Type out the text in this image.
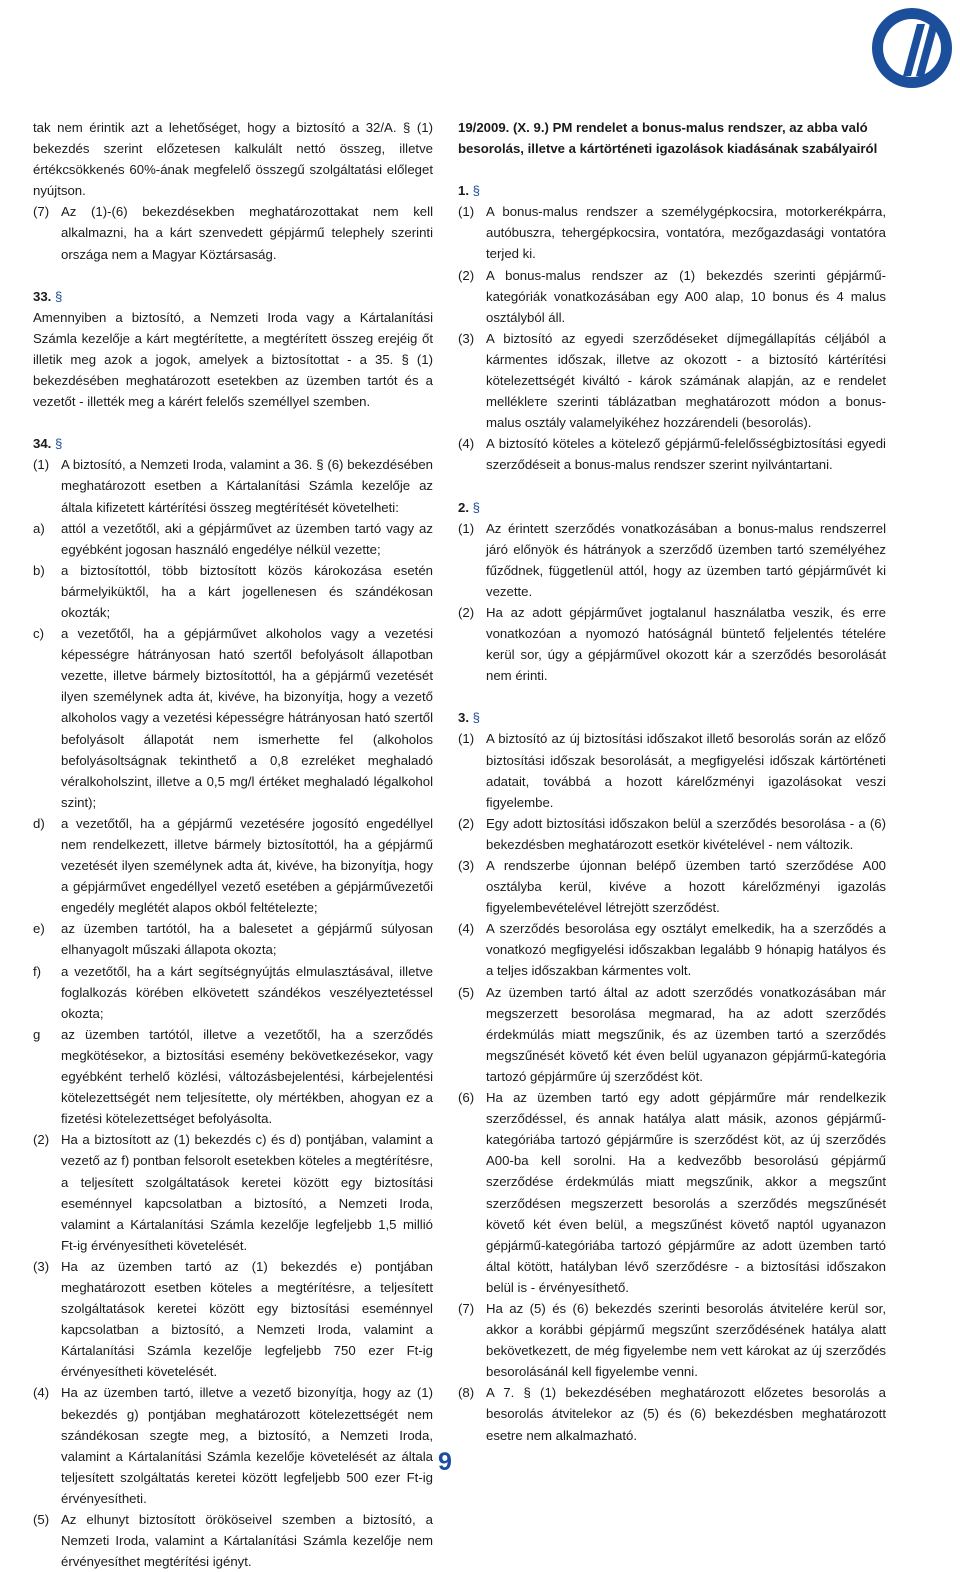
tak nem érintik azt a lehetőséget, hogy a biztosító a 32/A. § (1) bekezdés szerint előzetesen kalkulált nettó összeg, illetve értékcsökkenés 60%-ának megfelelő összegű szolgáltatási előleget nyújtson.

(7) Az (1)-(6) bekezdésekben meghatározottakat nem kell alkalmazni, ha a kárt szenvedett gépjármű telephely szerinti országa nem a Magyar Köztársaság.
33. §

Amennyiben a biztosító, a Nemzeti Iroda vagy a Kártalanítási Számla kezelője a kárt megtérítette, a megtérített összeg erejéig őt illetik meg azok a jogok, amelyek a biztosítottat - a 35. § (1) bekezdésében meghatározott esetekben az üzemben tartót és a vezetőt - illették meg a kárért felelős személlyel szemben.

34. §
(1) A biztosító, a Nemzeti Iroda, valamint a 36. § (6) bekezdésében meghatározott esetben a Kártalanítási Számla kezelője az általa kifizetett kártérítési összeg megtérítését követelheti:
a)	attól a vezetőtől, aki a gépjárművet az üzemben tartó vagy az egyébként jogosan használó engedélye nélkül vezette;
b)	a biztosítottól, több biztosított közös károkozása esetén bármelyiküktől, ha a kárt jogellenesen és szándékosan okozták;
c)	a vezetőtől, ha a gépjárművet alkoholos vagy a vezetési képességre hátrányosan ható szertől befolyásolt állapotban vezette, illetve bármely biztosítottól, ha a gépjármű vezetését ilyen személynek adta át, kivéve, ha bizonyítja, hogy a vezető alkoholos vagy a vezetési képességre hátrányosan ható szertől befolyásolt állapotát nem ismerhette fel (alkoholos befolyásoltságnak tekinthető a 0,8 ezreléket meghaladó véralkoholszint, illetve a 0,5 mg/l értéket meghaladó légalkohol szint);
d)	a vezetőtől, ha a gépjármű vezetésére jogosító engedéllyel nem rendelkezett, illetve bármely biztosítottól, ha a gépjármű vezetését ilyen személynek adta át, kivéve, ha bizonyítja, hogy a gépjárművet engedéllyel vezető esetében a gépjárművezetői engedély meglétét alapos okból feltételezte;
e)	az üzemben tartótól, ha a balesetet a gépjármű súlyosan elhanyagolt műszaki állapota okozta;
f)	a vezetőtől, ha a kárt segítségnyújtás elmulasztásával, illetve foglalkozás körében elkövetett szándékos veszélyeztetéssel okozta;
g	az üzemben tartótól, illetve a vezetőtől, ha a szerződés megkötésekor, a biztosítási esemény bekövetkezésekor, vagy egyébként terhelő közlési, változásbejelentési, kárbejelentési kötelezettségét nem teljesítette, oly mértékben, ahogyan ez a fizetési kötelezettséget befolyásolta.
(2) Ha a biztosított az (1) bekezdés c) és d) pontjában, valamint a vezető az f) pontban felsorolt esetekben köteles a megtérítésre, a teljesített szolgáltatások keretei között egy biztosítási eseménnyel kapcsolatban a biztosító, a Nemzeti Iroda, valamint a Kártalanítási Számla kezelője legfeljebb 1,5 millió Ft-ig érvényesítheti követelését.
(3) Ha az üzemben tartó az (1) bekezdés e) pontjában meghatározott esetben köteles a megtérítésre, a teljesített szolgáltatások keretei között egy biztosítási eseménnyel kapcsolatban a biztosító, a Nemzeti Iroda, valamint a Kártalanítási Számla kezelője legfeljebb 750 ezer Ft-ig érvényesítheti követelését.
(4) Ha az üzemben tartó, illetve a vezető bizonyítja, hogy az (1) bekezdés g) pontjában meghatározott kötelezettségét nem szándékosan szegte meg, a biztosító, a Nemzeti Iroda, valamint a Kártalanítási Számla kezelője követelését az általa teljesített szolgáltatás keretei között legfeljebb 500 ezer Ft-ig érvényesítheti.
(5) Az elhunyt biztosított örököseivel szemben a biztosító, a Nemzeti Iroda, valamint a Kártalanítási Számla kezelője nem érvényesíthet megtérítési igényt.

19/2009. (X. 9.) PM rendelet a bonus-malus rendszer, az abba való besorolás, illetve a kártörténeti igazolások kiadásának szabályairól

1. §
(1) A bonus-malus rendszer a személygépkocsira, motorkerékpárra, autóbuszra, tehergépkocsira, vontatóra, mezőgazdasági vontatóra terjed ki.
(2) A bonus-malus rendszer az (1) bekezdés szerinti gépjármű-kategóriák vonatkozásában egy A00 alap, 10 bonus és 4 malus osztályból áll.
(3) A biztosító az egyedi szerződéseket díjmegállapítás céljából a kármentes időszak, illetve az okozott - a biztosító kártérítési kötelezettségét kiváltó - károk számának alapján, az e rendelet mellékleте szerinti táblázatban meghatározott módon a bonus-malus osztály valamelyikéhez hozzárendeli (besorolás).
(4) A biztosító köteles a kötelező gépjármű-felelősségbiztosítási egyedi szerződéseit a bonus-malus rendszer szerint nyilvántartani.
2. §
(1) Az érintett szerződés vonatkozásában a bonus-malus rendszerrel járó előnyök és hátrányok a szerződő üzemben tartó személyéhez fűződnek, függetlenül attól, hogy az üzemben tartó gépjárművét ki vezette.
(2) Ha az adott gépjárművet jogtalanul használatba veszik, és erre vonatkozóan a nyomozó hatóságnál büntető feljelentés tételére kerül sor, úgy a gépjárművel okozott kár a szerződés besorolását nem érinti.
3. §
(1) A biztosító az új biztosítási időszakot illető besorolás során az előző biztosítási időszak besorolását, a megfigyelési időszak kártörténeti adatait, továbbá a hozott kárelőzményi igazolásokat veszi figyelembe.
(2) Egy adott biztosítási időszakon belül a szerződés besorolása - a (6) bekezdésben meghatározott esetkör kivételével - nem változik.
(3) A rendszerbe újonnan belépő üzemben tartó szerződése A00 osztályba kerül, kivéve a hozott kárelőzményi igazolás figyelembevételével létrejött szerződést.
(4) A szerződés besorolása egy osztályt emelkedik, ha a szerződés a vonatkozó megfigyelési időszakban legalább 9 hónapig hatályos és a teljes időszakban kármentes volt.
(5) Az üzemben tartó által az adott szerződés vonatkozásában már megszerzett besorolása megmarad, ha az adott szerződés érdekmúlás miatt megszűnik, és az üzemben tartó a szerződés megszűnését követő két éven belül ugyanazon gépjármű-kategória tartozó gépjárműre új szerződést köt.
(6) Ha az üzemben tartó egy adott gépjárműre már rendelkezik szerződéssel, és annak hatálya alatt másik, azonos gépjármű-kategóriába tartozó gépjárműre is szerződést köt, az új szerződés A00-ba kell sorolni. Ha a kedvezőbb besorolású gépjármű szerződése érdekmúlás miatt megszűnik, akkor a megszűnt szerződésen megszerzett besorolás a szerződés megszűnését követő két éven belül, a megszűnést követő naptól ugyanazon gépjármű-kategóriába tartozó gépjárműre az adott üzemben tartó által kötött, hatályban lévő szerződésre - a biztosítási időszakon belül is - érvényesíthető.
(7) Ha az (5) és (6) bekezdés szerinti besorolás átvitelére kerül sor, akkor a korábbi gépjármű megszűnt szerződésének hatálya alatt bekövetkezett, de még figyelembe nem vett károkat az új szerződés besorolásánál kell figyelembe venni.
(8) A 7. § (1) bekezdésében meghatározott előzetes besorolás a besorolás átvitelekor az (5) és (6) bekezdésben meghatározott esetre nem alkalmazható.
9
